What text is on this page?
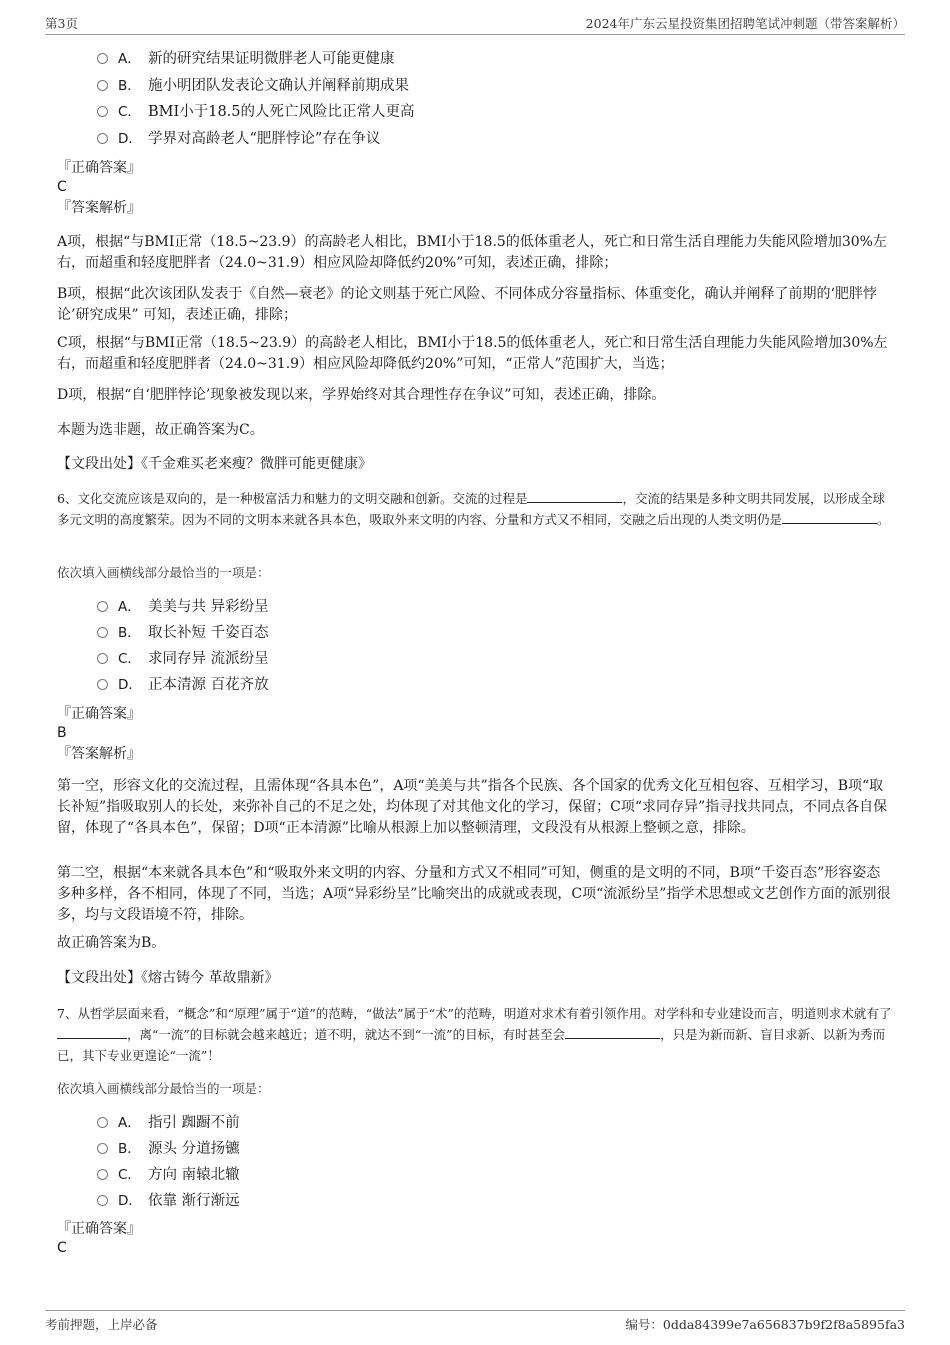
第3页	2024年广东云星投资集团招聘笔试冲刺题（带答案解析）
A． 新的研究结果证明微胖老人可能更健康
B． 施小明团队发表论文确认并阐释前期成果
C． BMI小于18.5的人死亡风险比正常人更高
D． 学界对高龄老人“肥胖悖论”存在争议
『正确答案』
C
『答案解析』
A项，根据“与BMI正常（18.5~23.9）的高龄老人相比，BMI小于18.5的低体重老人，死亡和日常生活自理能力失能风险增加30%左右，而超重和轻度肥胖者（24.0~31.9）相应风险却降低约20%”可知，表述正确，排除；
B项，根据“此次该团队发表于《自然—衰老》的论文则基于死亡风险、不同体成分容量指标、体重变化，确认并阐释了前期的‘肥胖悖论’研究成果” 可知，表述正确，排除；
C项，根据“与BMI正常（18.5~23.9）的高龄老人相比，BMI小于18.5的低体重老人，死亡和日常生活自理能力失能风险增加30%左右，而超重和轻度肥胖者（24.0~31.9）相应风险却降低约20%”可知，“正常人”范围扩大，当选；
D项，根据“自‘肥胖悖论’现象被发现以来，学界始终对其合理性存在争议”可知，表述正确，排除。
本题为选非题，故正确答案为C。
【文段出处】《千金难买老来瘦？微胖可能更健康》
6、文化交流应该是双向的，是一种极富活力和魅力的文明交融和创新。交流的过程是	，交流的结果是多种文明共同发展，以形成全球多元文明的高度繁荣。因为不同的文明本来就各具本色，吸取外来文明的内容、分量和方式又不相同，交融之后出现的人类文明仍是	。
依次填入画横线部分最恰当的一项是：
A． 美美与共 异彩纷呈
B． 取长补短 千姿百态
C． 求同存异 流派纷呈
D． 正本清源 百花齐放
『正确答案』
B
『答案解析』
第一空，形容文化的交流过程，且需体现“各具本色”，A项“美美与共”指各个民族、各个国家的优秀文化互相包容、互相学习，B项“取长补短”指吸取别人的长处，来弥补自己的不足之处，均体现了对其他文化的学习，保留；C项“求同存异”指寻找共同点，不同点各自保留，体现了“各具本色”，保留；D项“正本清源”比喻从根源上加以整顿清理，文段没有从根源上整顿之意，排除。
第二空，根据“本来就各具本色”和“吸取外来文明的内容、分量和方式又不相同”可知，侧重的是文明的不同，B项“千姿百态”形容姿态多种多样，各不相同，体现了不同，当选；A项“异彩纷呈”比喻突出的成就或表现，C项“流派纷呈”指学术思想或文艺创作方面的派别很多，均与文段语境不符，排除。
故正确答案为B。
【文段出处】《熔古铸今 革故鼎新》
7、从哲学层面来看，“概念”和“原理”属于“道”的范畴，“做法”属于“术”的范畴，明道对求术有着引领作用。对学科和专业建设而言，明道则求术就有了，离“一流”的目标就会越来越近；道不明，就达不到“一流”的目标，有时甚至会	，只是为新而新、盲目求新、以新为秀而已，其下专业更遑论“一流”！
依次填入画横线部分最恰当的一项是：
A． 指引 踟蹰不前
B． 源头 分道扬镳
C． 方向 南辕北辙
D． 依靠 渐行渐远
『正确答案』
C
考前押题，上岸必备	编号：0dda84399e7a656837b9f2f8a5895fa3
